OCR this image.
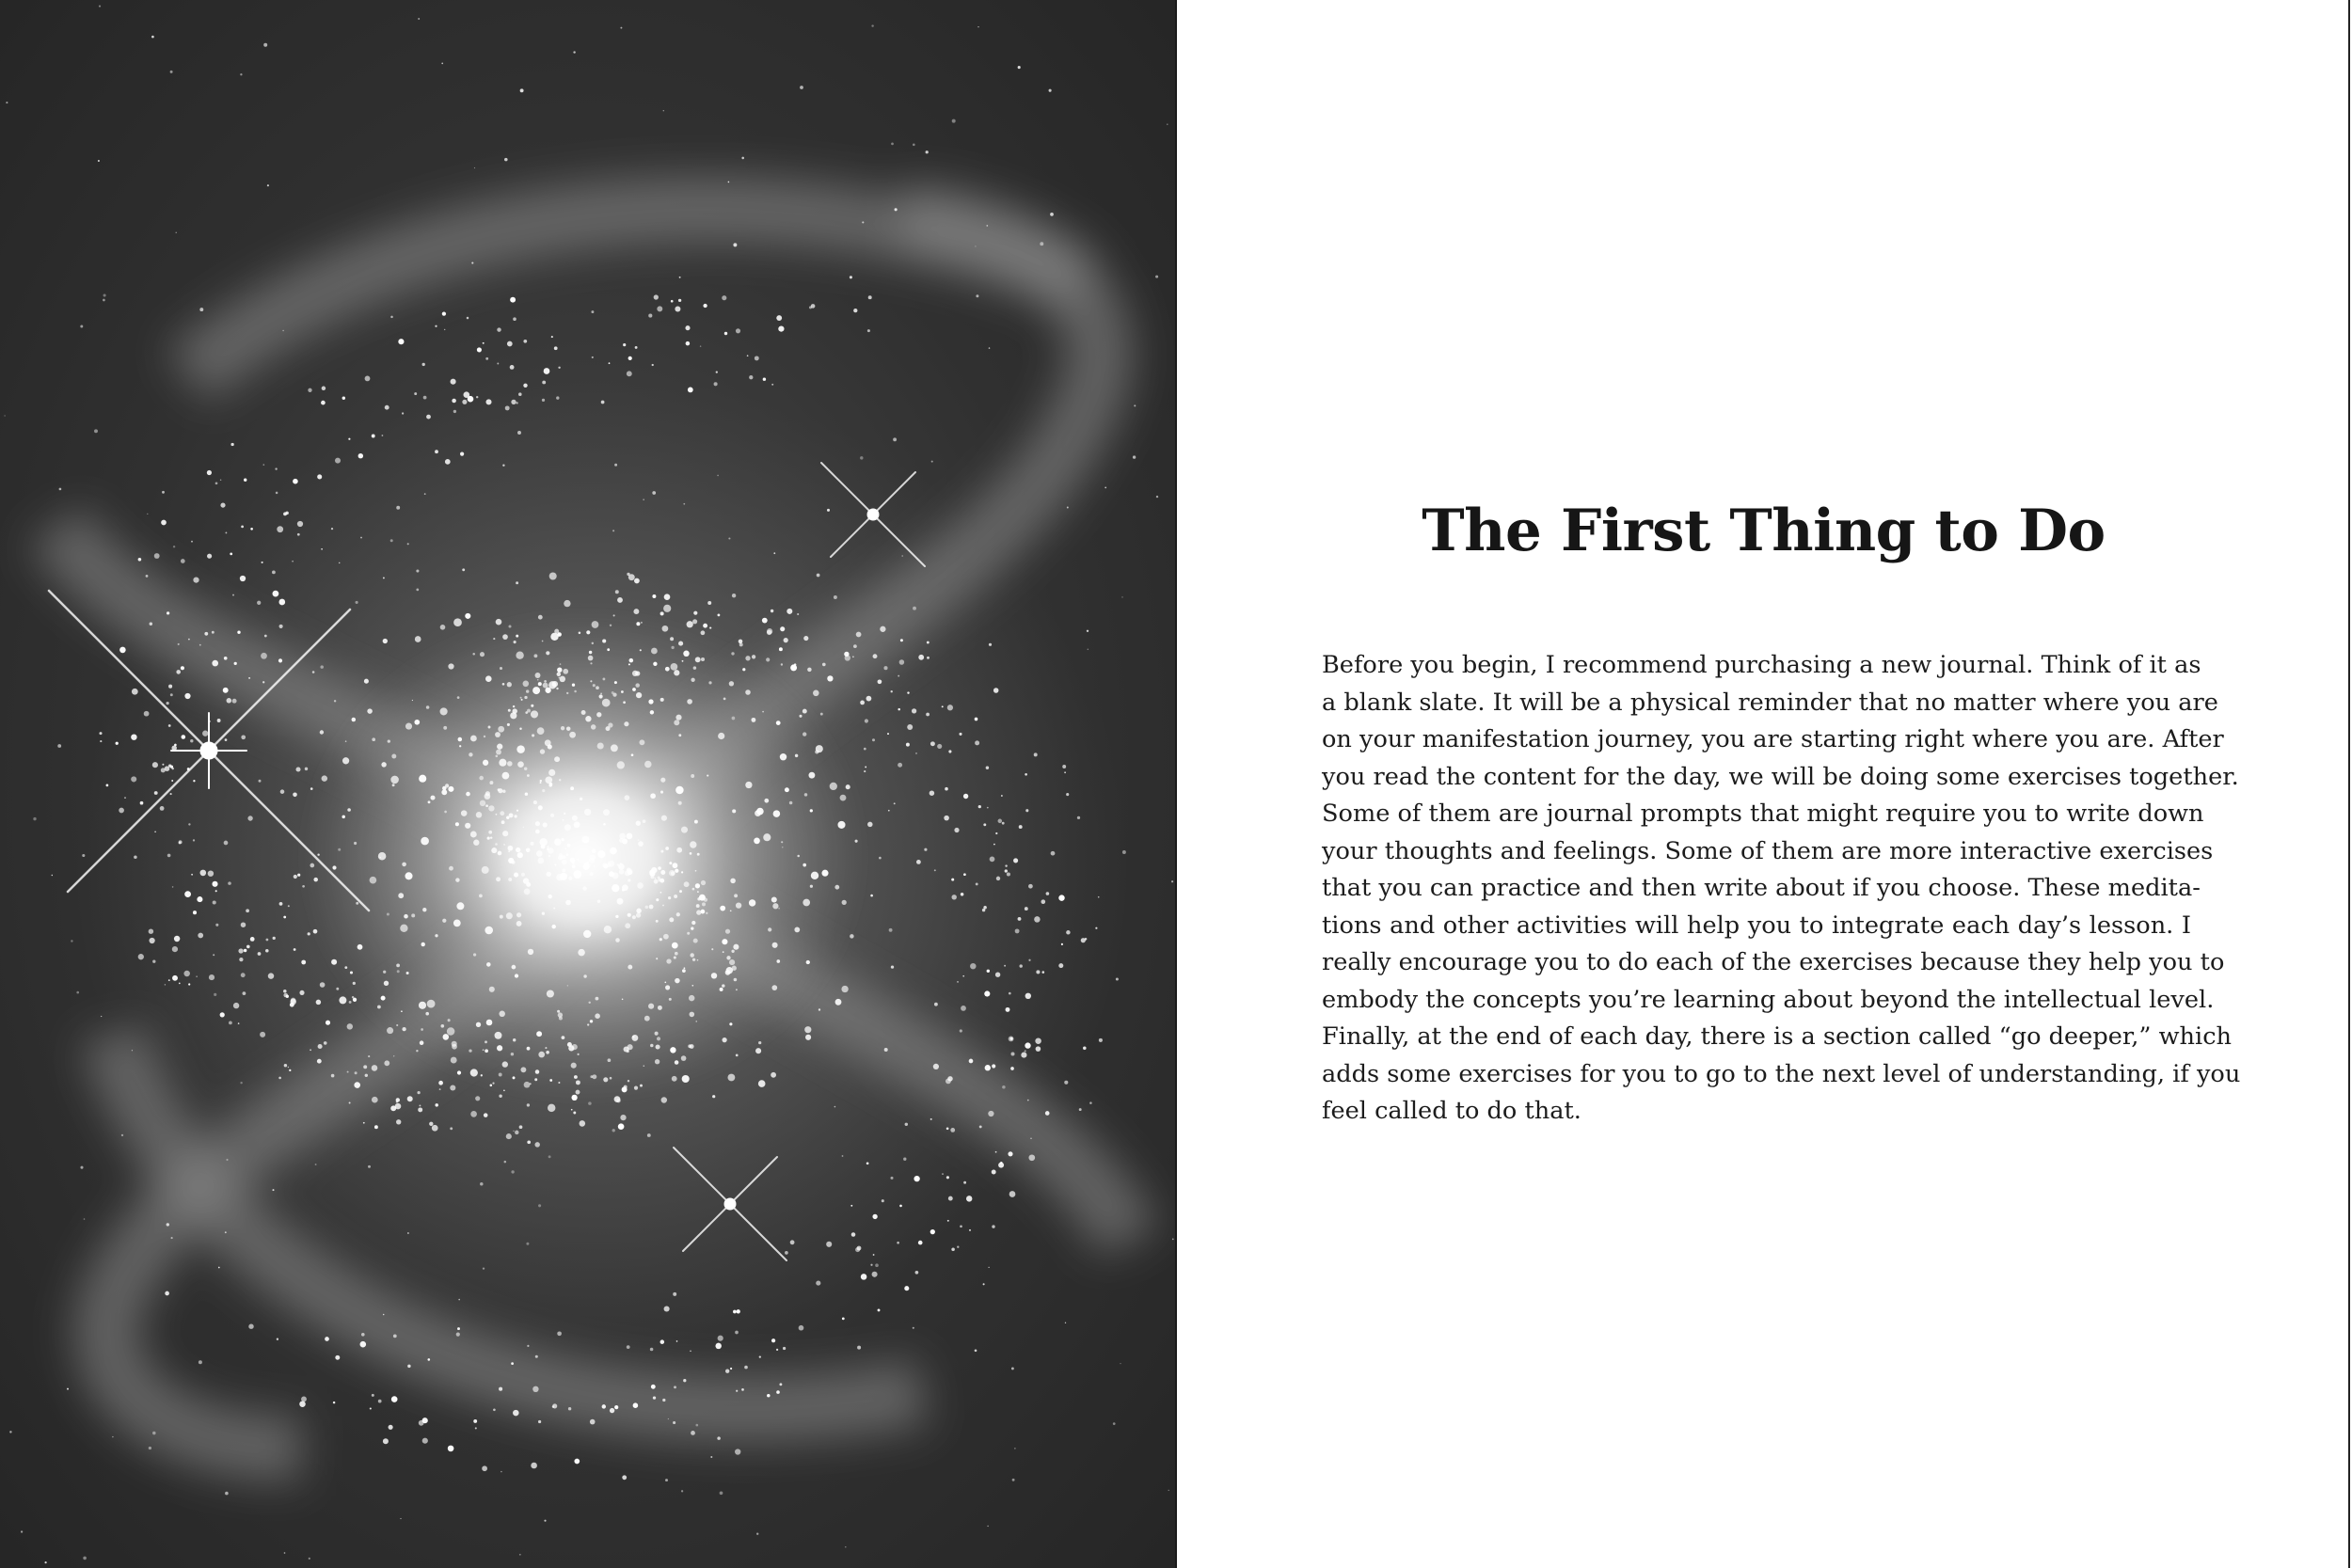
The First Thing to Do

Before you begin, I recommend purchasing a new journal. Think of it as
a blank slate. It will be a physical reminder that no matter where you are
on your manifestation journey, you are starting right where you are. After
you read the content for the day, we will be doing some exercises together.
Some of them are journal prompts that might require you to write down
your thoughts and feelings. Some of them are more interactive exercises
that you can practice and then write about if you choose. These medita-
tions and other activities will help you to integrate each day’s lesson. I
really encourage you to do each of the exercises because they help you to
embody the concepts you’re learning about beyond the intellectual level.
Finally, at the end of each day, there is a section called “go deeper,” which
adds some exercises for you to go to the next level of understanding, if you
feel called to do that.
